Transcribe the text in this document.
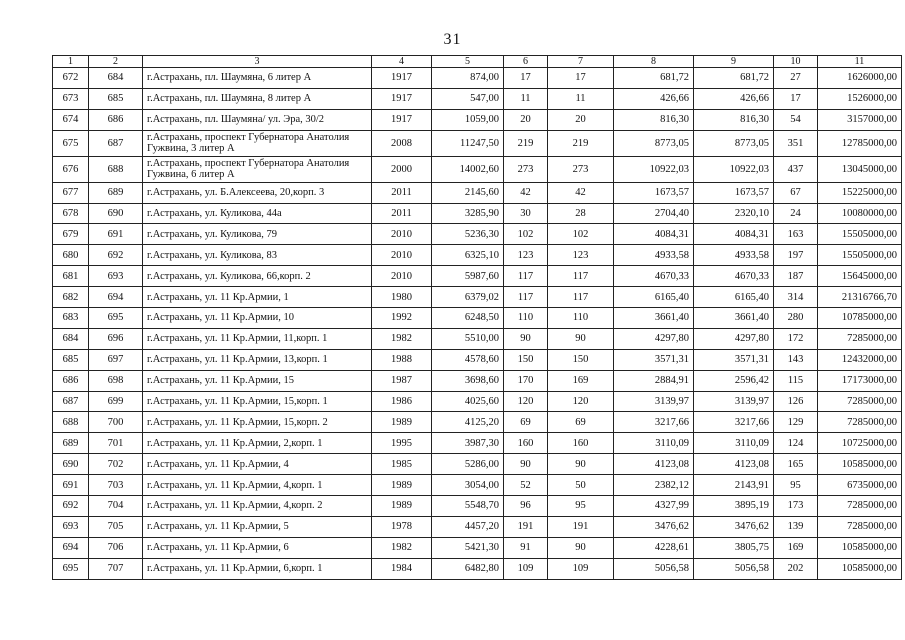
31
1	2	3	4	5	6	7	8	9	10	11
672	684	г.Астрахань, пл. Шаумяна, 6 литер А	1917	874,00	17	17	681,72	681,72	27	1626000,00
673	685	г.Астрахань, пл. Шаумяна, 8 литер А	1917	547,00	11	11	426,66	426,66	17	1526000,00
674	686	г.Астрахань, пл. Шаумяна/ ул. Эра, 30/2	1917	1059,00	20	20	816,30	816,30	54	3157000,00
675	687	г.Астрахань, проспект Губернатора Анатолия Гужвина, 3 литер А	2008	11247,50	219	219	8773,05	8773,05	351	12785000,00
676	688	г.Астрахань, проспект Губернатора Анатолия Гужвина, 6 литер А	2000	14002,60	273	273	10922,03	10922,03	437	13045000,00
677	689	г.Астрахань, ул. Б.Алексеева, 20,корп. 3	2011	2145,60	42	42	1673,57	1673,57	67	15225000,00
678	690	г.Астрахань, ул. Куликова, 44а	2011	3285,90	30	28	2704,40	2320,10	24	10080000,00
679	691	г.Астрахань, ул. Куликова, 79	2010	5236,30	102	102	4084,31	4084,31	163	15505000,00
680	692	г.Астрахань, ул. Куликова, 83	2010	6325,10	123	123	4933,58	4933,58	197	15505000,00
681	693	г.Астрахань, ул. Куликова, 66,корп. 2	2010	5987,60	117	117	4670,33	4670,33	187	15645000,00
682	694	г.Астрахань, ул. 11 Кр.Армии, 1	1980	6379,02	117	117	6165,40	6165,40	314	21316766,70
683	695	г.Астрахань, ул. 11 Кр.Армии, 10	1992	6248,50	110	110	3661,40	3661,40	280	10785000,00
684	696	г.Астрахань, ул. 11 Кр.Армии, 11,корп. 1	1982	5510,00	90	90	4297,80	4297,80	172	7285000,00
685	697	г.Астрахань, ул. 11 Кр.Армии, 13,корп. 1	1988	4578,60	150	150	3571,31	3571,31	143	12432000,00
686	698	г.Астрахань, ул. 11 Кр.Армии, 15	1987	3698,60	170	169	2884,91	2596,42	115	17173000,00
687	699	г.Астрахань, ул. 11 Кр.Армии, 15,корп. 1	1986	4025,60	120	120	3139,97	3139,97	126	7285000,00
688	700	г.Астрахань, ул. 11 Кр.Армии, 15,корп. 2	1989	4125,20	69	69	3217,66	3217,66	129	7285000,00
689	701	г.Астрахань, ул. 11 Кр.Армии, 2,корп. 1	1995	3987,30	160	160	3110,09	3110,09	124	10725000,00
690	702	г.Астрахань, ул. 11 Кр.Армии, 4	1985	5286,00	90	90	4123,08	4123,08	165	10585000,00
691	703	г.Астрахань, ул. 11 Кр.Армии, 4,корп. 1	1989	3054,00	52	50	2382,12	2143,91	95	6735000,00
692	704	г.Астрахань, ул. 11 Кр.Армии, 4,корп. 2	1989	5548,70	96	95	4327,99	3895,19	173	7285000,00
693	705	г.Астрахань, ул. 11 Кр.Армии, 5	1978	4457,20	191	191	3476,62	3476,62	139	7285000,00
694	706	г.Астрахань, ул. 11 Кр.Армии, 6	1982	5421,30	91	90	4228,61	3805,75	169	10585000,00
695	707	г.Астрахань, ул. 11 Кр.Армии, 6,корп. 1	1984	6482,80	109	109	5056,58	5056,58	202	10585000,00
